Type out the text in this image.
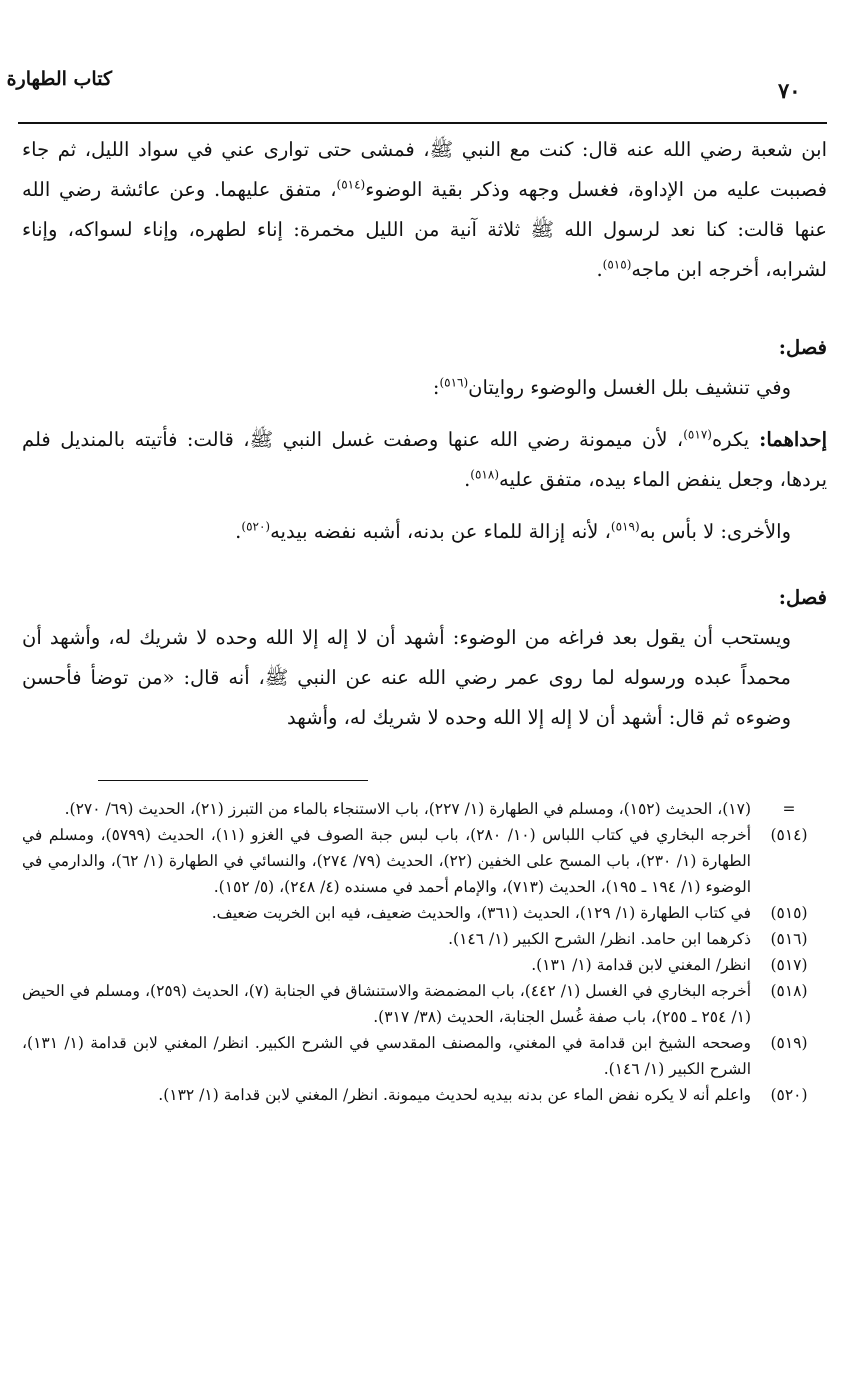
كتاب الطهارة	٧٠

ابن شعبة رضي الله عنه قال: كنت مع النبي ﷺ، فمشى حتى توارى عني في سواد الليل، ثم جاء فصببت عليه من الإداوة، فغسل وجهه وذكر بقية الوضوء$^{(٥١٤)}$، متفق عليهما. وعن عائشة رضي الله عنها قالت: كنا نعد لرسول الله ﷺ ثلاثة آنية من الليل مخمرة: إناء لطهره، وإناء لسواكه، وإناء لشرابه، أخرجه ابن ماجه$^{(٥١٥)}$.

فصل:

وفي تنشيف بلل الغسل والوضوء روايتان$^{(٥١٦)}$:

إحداهما: يكره$^{(٥١٧)}$، لأن ميمونة رضي الله عنها وصفت غسل النبي ﷺ، قالت: فأتيته بالمنديل فلم يردها، وجعل ينفض الماء بيده، متفق عليه$^{(٥١٨)}$.

والأخرى: لا بأس به$^{(٥١٩)}$، لأنه إزالة للماء عن بدنه، أشبه نفضه بيديه$^{(٥٢٠)}$.

فصل:

ويستحب أن يقول بعد فراغه من الوضوء: أشهد أن لا إله إلا الله وحده لا شريك له، وأشهد أن محمداً عبده ورسوله لما روى عمر رضي الله عنه عن النبي ﷺ، أنه قال: «من توضأ فأحسن وضوءه ثم قال: أشهد أن لا إله إلا الله وحده لا شريك له، وأشهد

=
(١٧)، الحديث (١٥٢)، ومسلم في الطهارة (١/ ٢٢٧)، باب الاستنجاء بالماء من التبرز (٢١)، الحديث (٦٩/ ٢٧٠).
(٥١٤)
أخرجه البخاري في كتاب اللباس (١٠/ ٢٨٠)، باب لبس جبة الصوف في الغزو (١١)، الحديث (٥٧٩٩)، ومسلم في الطهارة (١/ ٢٣٠)، باب المسح على الخفين (٢٢)، الحديث (٧٩/ ٢٧٤)، والنسائي في الطهارة (١/ ٦٢)، والدارمي في الوضوء (١/ ١٩٤ ـ ١٩٥)، الحديث (٧١٣)، والإمام أحمد في مسنده (٤/ ٢٤٨)، (٥/ ١٥٢).
(٥١٥)
في كتاب الطهارة (١/ ١٢٩)، الحديث (٣٦١)، والحديث ضعيف، فيه ابن الخريت ضعيف.
(٥١٦)
ذكرهما ابن حامد. انظر/ الشرح الكبير (١/ ١٤٦).
(٥١٧)
انظر/ المغني لابن قدامة (١/ ١٣١).
(٥١٨)
أخرجه البخاري في الغسل (١/ ٤٤٢)، باب المضمضة والاستنشاق في الجنابة (٧)، الحديث (٢٥٩)، ومسلم في الحيض (١/ ٢٥٤ ـ ٢٥٥)، باب صفة غُسل الجنابة، الحديث (٣٨/ ٣١٧).
(٥١٩)
وصححه الشيخ ابن قدامة في المغني، والمصنف المقدسي في الشرح الكبير. انظر/ المغني لابن قدامة (١/ ١٣١)، الشرح الكبير (١/ ١٤٦).
(٥٢٠)
واعلم أنه لا يكره نفض الماء عن بدنه بيديه لحديث ميمونة. انظر/ المغني لابن قدامة (١/ ١٣٢).
